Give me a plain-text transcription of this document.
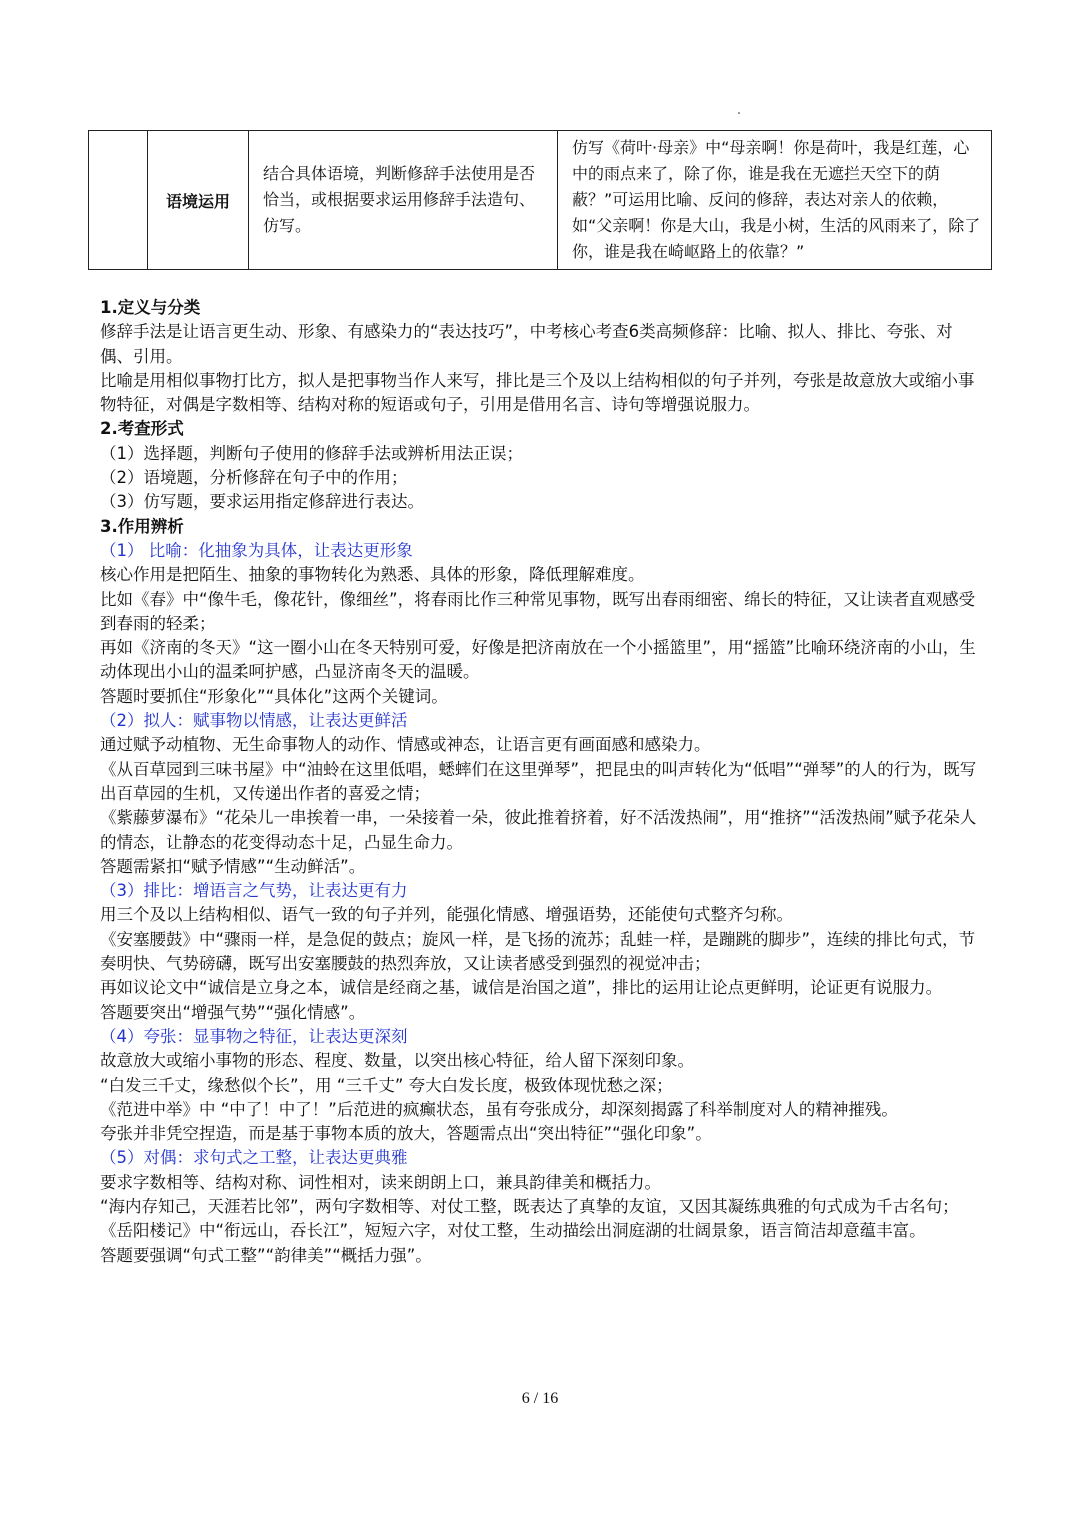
	语境运用	结合具体语境，判断修辞手法使用是否恰当，或根据要求运用修辞手法造句、仿写。	仿写《荷叶·母亲》中“母亲啊！你是荷叶，我是红莲，心中的雨点来了，除了你，谁是我在无遮拦天空下的荫蔽？”可运用比喻、反问的修辞，表达对亲人的依赖，如“父亲啊！你是大山，我是小树，生活的风雨来了，除了你，谁是我在崎岖路上的依靠？”
1.定义与分类

修辞手法是让语言更生动、形象、有感染力的“表达技巧”，中考核心考查6类高频修辞：比喻、拟人、排比、夸张、对偶、引用。

比喻是用相似事物打比方，拟人是把事物当作人来写，排比是三个及以上结构相似的句子并列，夸张是故意放大或缩小事物特征，对偶是字数相等、结构对称的短语或句子，引用是借用名言、诗句等增强说服力。

2.考查形式

（1）选择题，判断句子使用的修辞手法或辨析用法正误；

（2）语境题，分析修辞在句子中的作用；

（3）仿写题，要求运用指定修辞进行表达。

3.作用辨析

（1） 比喻：化抽象为具体，让表达更形象

核心作用是把陌生、抽象的事物转化为熟悉、具体的形象，降低理解难度。

比如《春》中“像牛毛，像花针，像细丝”，将春雨比作三种常见事物，既写出春雨细密、绵长的特征，又让读者直观感受到春雨的轻柔；

再如《济南的冬天》“这一圈小山在冬天特别可爱，好像是把济南放在一个小摇篮里”，用“摇篮”比喻环绕济南的小山，生动体现出小山的温柔呵护感，凸显济南冬天的温暖。

答题时要抓住“形象化”“具体化”这两个关键词。

（2）拟人：赋事物以情感，让表达更鲜活

通过赋予动植物、无生命事物人的动作、情感或神态，让语言更有画面感和感染力。

《从百草园到三味书屋》中“油蛉在这里低唱，蟋蟀们在这里弹琴”，把昆虫的叫声转化为“低唱”“弹琴”的人的行为，既写出百草园的生机，又传递出作者的喜爱之情；

《紫藤萝瀑布》“花朵儿一串挨着一串，一朵接着一朵，彼此推着挤着，好不活泼热闹”，用“推挤”“活泼热闹”赋予花朵人的情态，让静态的花变得动态十足，凸显生命力。

答题需紧扣“赋予情感”“生动鲜活”。

（3）排比：增语言之气势，让表达更有力

用三个及以上结构相似、语气一致的句子并列，能强化情感、增强语势，还能使句式整齐匀称。

《安塞腰鼓》中“骤雨一样，是急促的鼓点；旋风一样，是飞扬的流苏；乱蛙一样，是蹦跳的脚步”，连续的排比句式，节奏明快、气势磅礴，既写出安塞腰鼓的热烈奔放，又让读者感受到强烈的视觉冲击；

再如议论文中“诚信是立身之本，诚信是经商之基，诚信是治国之道”，排比的运用让论点更鲜明，论证更有说服力。

答题要突出“增强气势”“强化情感”。

（4）夸张：显事物之特征，让表达更深刻

故意放大或缩小事物的形态、程度、数量，以突出核心特征，给人留下深刻印象。

“白发三千丈，缘愁似个长”，用 “三千丈” 夸大白发长度，极致体现忧愁之深；

《范进中举》中 “中了！中了！”后范进的疯癫状态，虽有夸张成分，却深刻揭露了科举制度对人的精神摧残。

夸张并非凭空捏造，而是基于事物本质的放大，答题需点出“突出特征”“强化印象”。

（5）对偶：求句式之工整，让表达更典雅

要求字数相等、结构对称、词性相对，读来朗朗上口，兼具韵律美和概括力。

“海内存知己，天涯若比邻”，两句字数相等、对仗工整，既表达了真挚的友谊，又因其凝练典雅的句式成为千古名句；

《岳阳楼记》中“衔远山，吞长江”，短短六字，对仗工整，生动描绘出洞庭湖的壮阔景象，语言简洁却意蕴丰富。

答题要强调“句式工整”“韵律美”“概括力强”。

6 / 16
